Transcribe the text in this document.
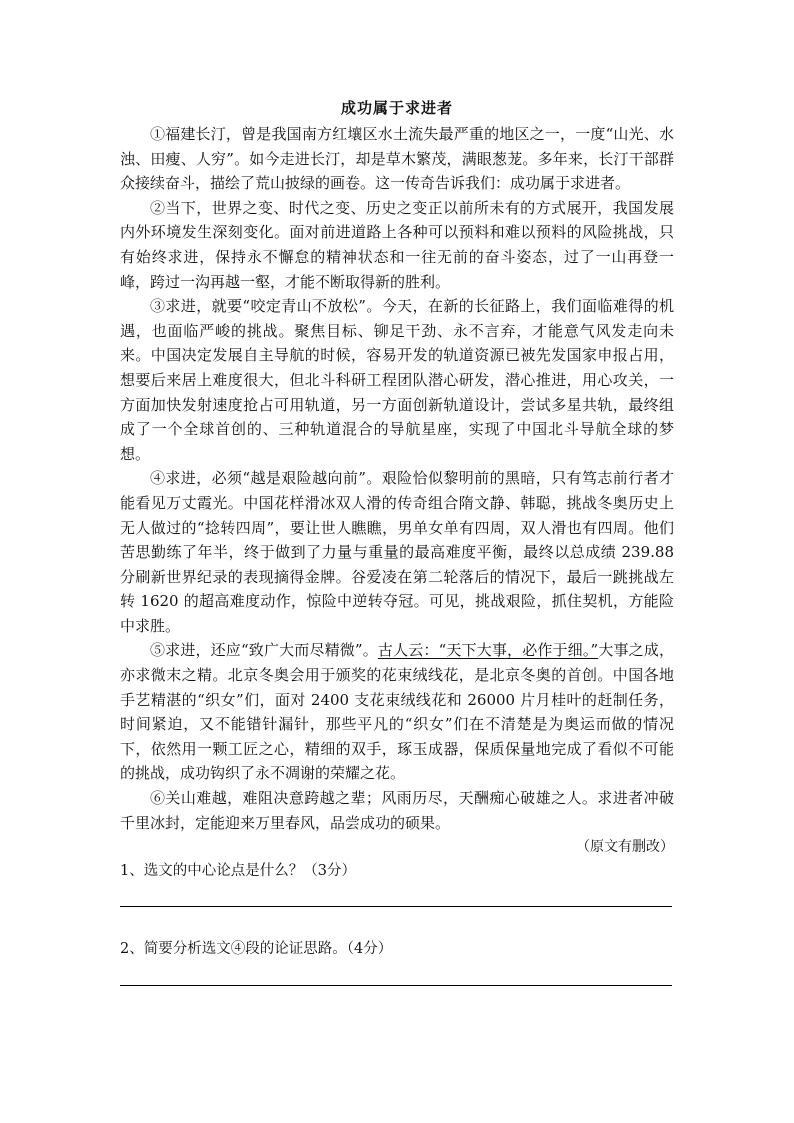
成功属于求进者

①福建长汀，曾是我国南方红壤区水土流失最严重的地区之一，一度“山光、水浊、田瘦、人穷”。如今走进长汀，却是草木繁茂，满眼葱茏。多年来，长汀干部群众接续奋斗，描绘了荒山披绿的画卷。这一传奇告诉我们：成功属于求进者。

②当下，世界之变、时代之变、历史之变正以前所未有的方式展开，我国发展内外环境发生深刻变化。面对前进道路上各种可以预料和难以预料的风险挑战，只有始终求进，保持永不懈怠的精神状态和一往无前的奋斗姿态，过了一山再登一峰，跨过一沟再越一壑，才能不断取得新的胜利。

③求进，就要“咬定青山不放松”。今天，在新的长征路上，我们面临难得的机遇，也面临严峻的挑战。聚焦目标、铆足干劲、永不言弃，才能意气风发走向未来。中国决定发展自主导航的时候，容易开发的轨道资源已被先发国家申报占用，想要后来居上难度很大，但北斗科研工程团队潜心研发，潜心推进，用心攻关，一方面加快发射速度抢占可用轨道，另一方面创新轨道设计，尝试多星共轨，最终组成了一个全球首创的、三种轨道混合的导航星座，实现了中国北斗导航全球的梦想。

④求进，必须“越是艰险越向前”。艰险恰似黎明前的黑暗，只有笃志前行者才能看见万丈霞光。中国花样滑冰双人滑的传奇组合隋文静、韩聪，挑战冬奥历史上无人做过的“捻转四周”，要让世人瞧瞧，男单女单有四周，双人滑也有四周。他们苦思勤练了年半，终于做到了力量与重量的最高难度平衡，最终以总成绩 239.88 分刷新世界纪录的表现摘得金牌。谷爱凌在第二轮落后的情况下，最后一跳挑战左转 1620 的超高难度动作，惊险中逆转夺冠。可见，挑战艰险，抓住契机，方能险中求胜。

⑤求进，还应“致广大而尽精微”。古人云：“天下大事，必作于细。”大事之成，亦求微末之精。北京冬奥会用于颁奖的花束绒线花，是北京冬奥的首创。中国各地手艺精湛的“织女”们，面对 2400 支花束绒线花和 26000 片月桂叶的赶制任务，时间紧迫，又不能错针漏针，那些平凡的“织女”们在不清楚是为奥运而做的情况下，依然用一颗工匠之心，精细的双手，琢玉成器，保质保量地完成了看似不可能的挑战，成功钩织了永不凋谢的荣耀之花。

⑥关山难越，难阻决意跨越之辈；风雨历尽，天酬痴心破雄之人。求进者冲破千里冰封，定能迎来万里春风，品尝成功的硕果。

（原文有删改）
1、选文的中心论点是什么？（3分）
2、简要分析选文④段的论证思路。（4分）
